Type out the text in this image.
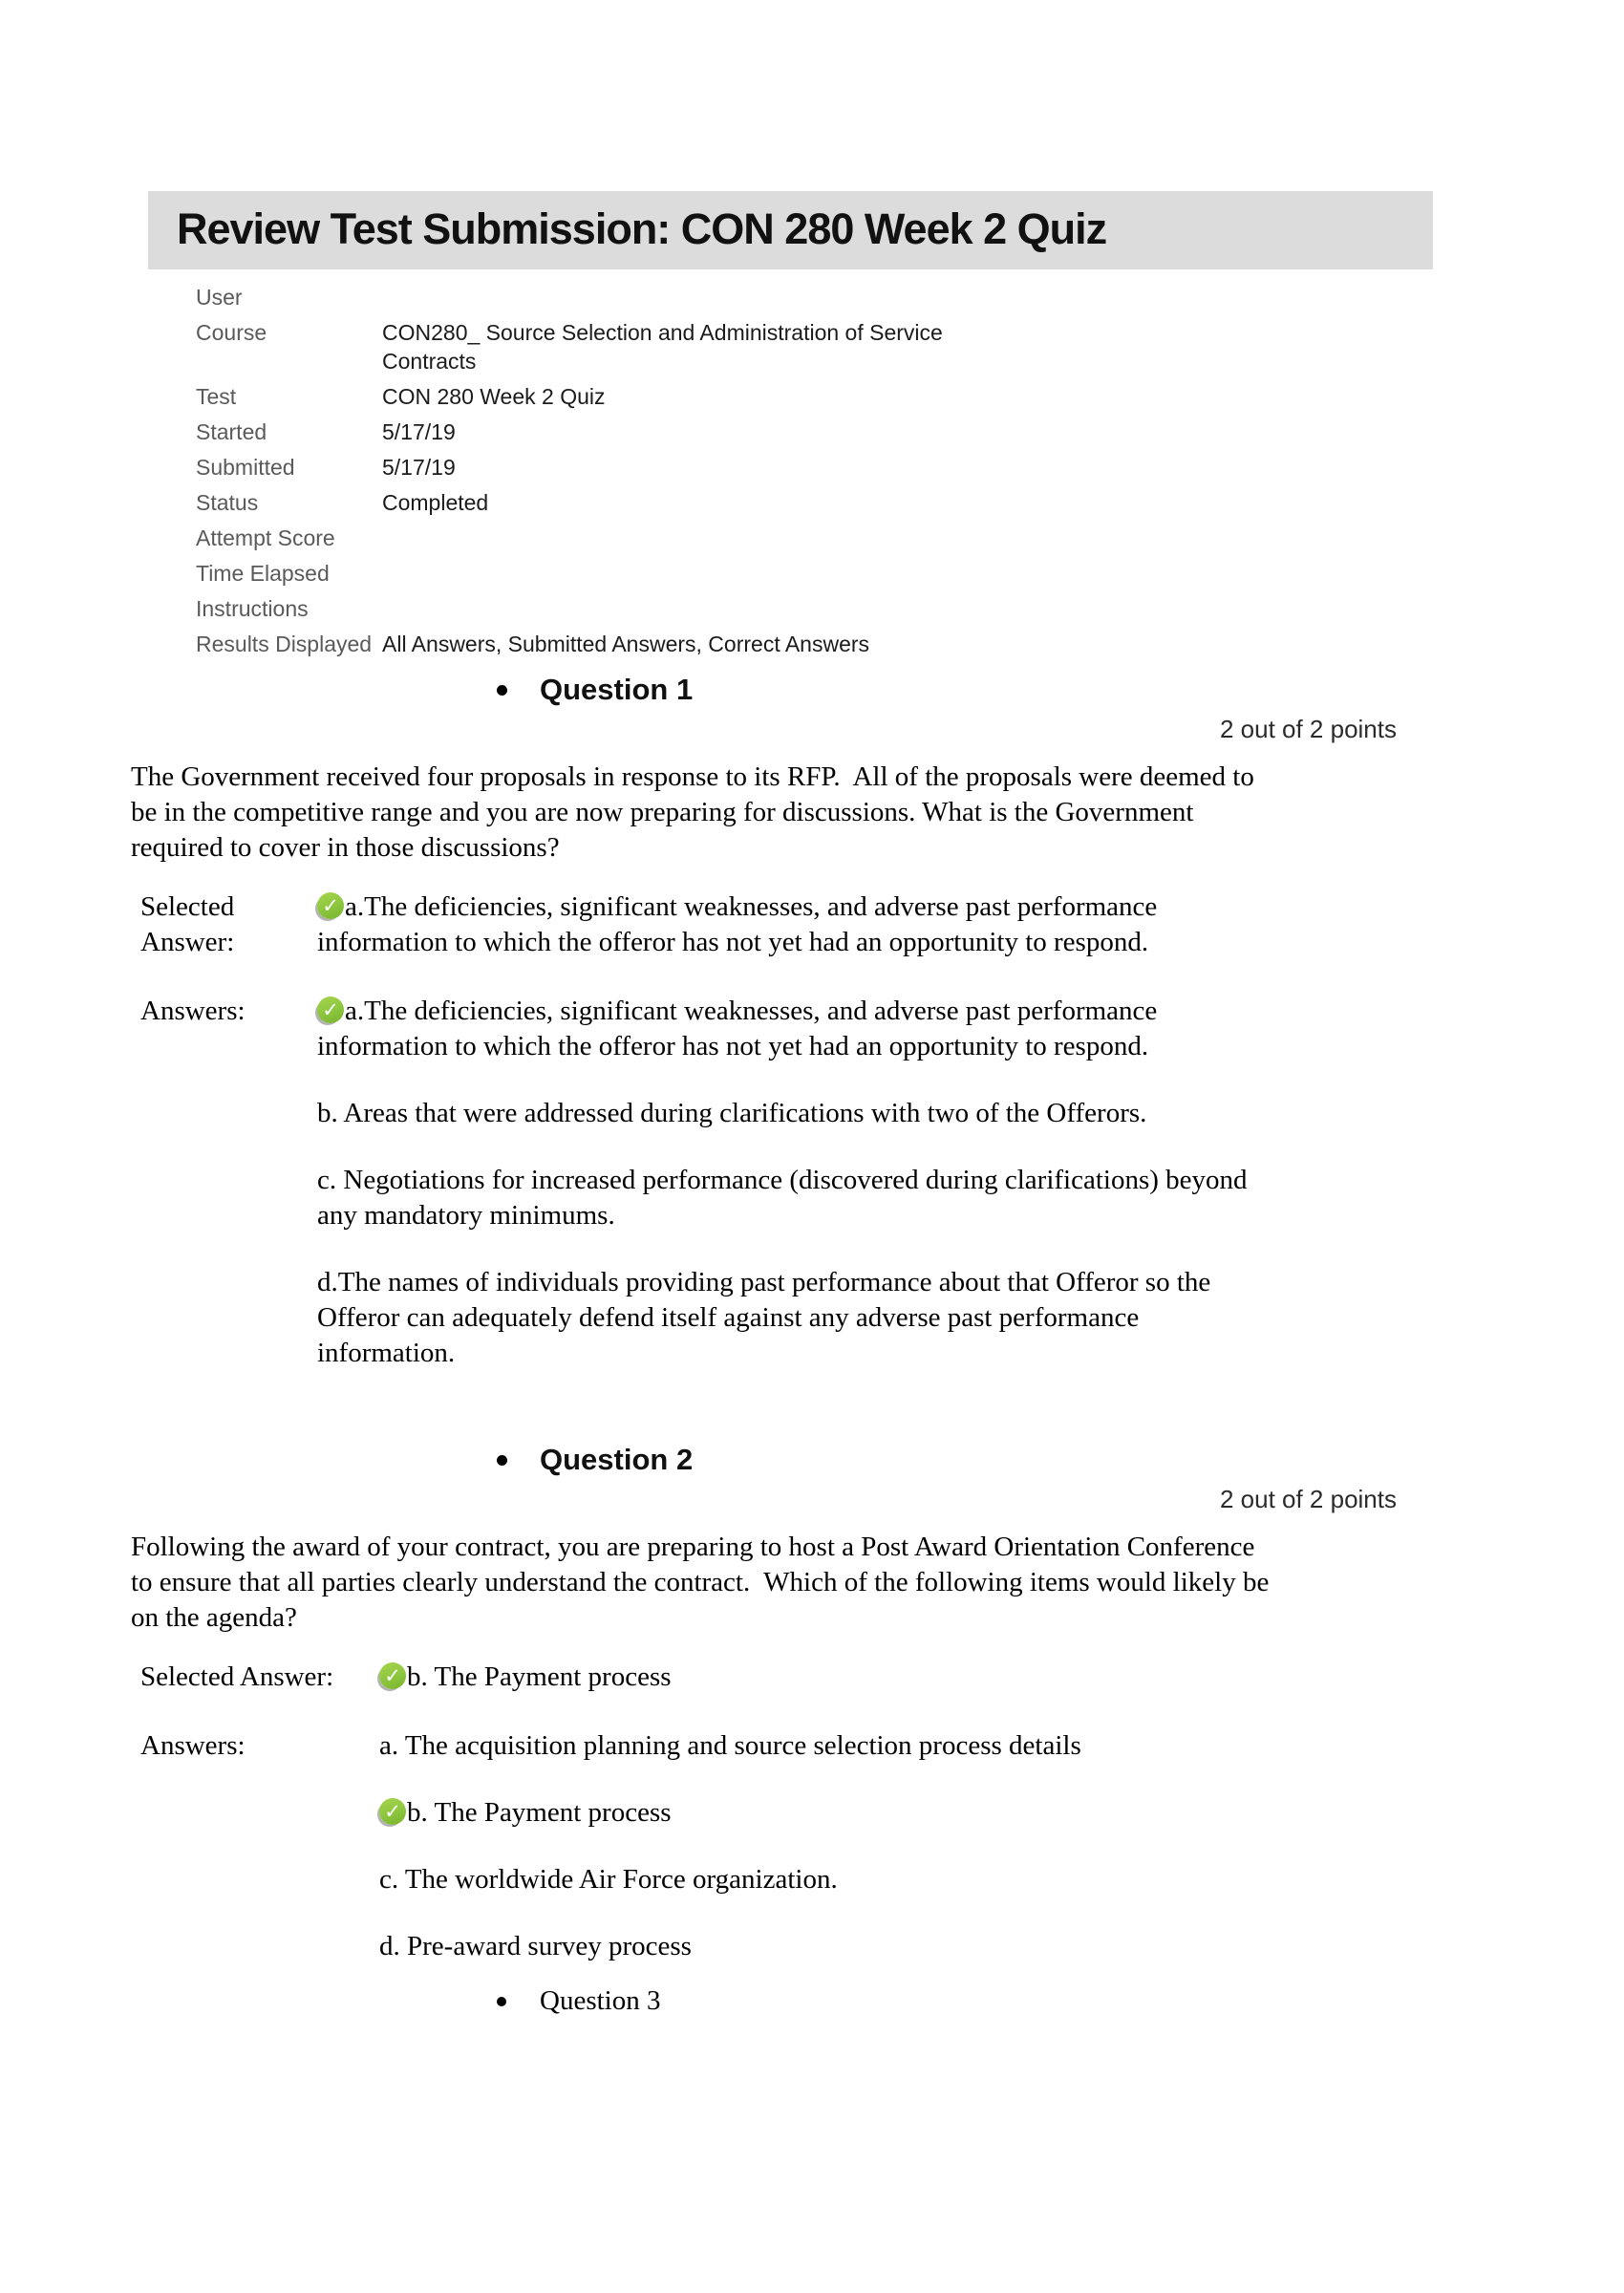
Review Test Submission: CON 280 Week 2 Quiz
User
Course	CON280_ Source Selection and Administration of Service Contracts
Test	CON 280 Week 2 Quiz
Started	5/17/19
Submitted	5/17/19
Status	Completed
Attempt Score
Time Elapsed
Instructions
Results Displayed All Answers, Submitted Answers, Correct Answers
Question 1
2 out of 2 points

The Government received four proposals in response to its RFP.  All of the proposals were deemed to be in the competitive range and you are now preparing for discussions. What is the Government required to cover in those discussions?

Selected Answer:
✓a.The deficiencies, significant weaknesses, and adverse past performance information to which the offeror has not yet had an opportunity to respond.
Answers: ✓	a.The deficiencies, significant weaknesses, and adverse past performance information to which the offeror has not yet had an opportunity to respond.
b. Areas that were addressed during clarifications with two of the Offerors.
c. Negotiations for increased performance (discovered during clarifications) beyond any mandatory minimums.
d.The names of individuals providing past performance about that Offeror so the Offeror can adequately defend itself against any adverse past performance information.
Question 2
2 out of 2 points

Following the award of your contract, you are preparing to host a Post Award Orientation Conference to ensure that all parties clearly understand the contract.  Which of the following items would likely be on the agenda?

Selected Answer: ✓	b. The Payment process
Answers:	a. The acquisition planning and source selection process details
✓b. The Payment process
c. The worldwide Air Force organization.
d. Pre-award survey process
Question 3
